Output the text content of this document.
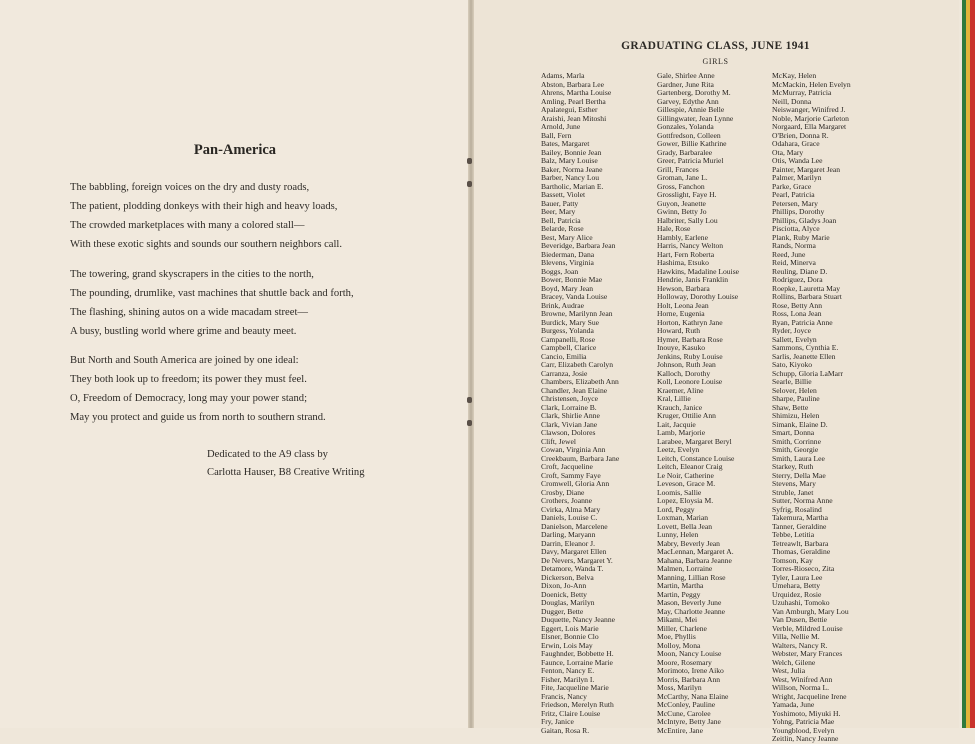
Pan-America

The babbling, foreign voices on the dry and dusty roads,

The patient, plodding donkeys with their high and heavy loads,

The crowded marketplaces with many a colored stall—

With these exotic sights and sounds our southern neighbors call.

The towering, grand skyscrapers in the cities to the north,

The pounding, drumlike, vast machines that shuttle back and forth,

The flashing, shining autos on a wide macadam street—

A busy, bustling world where grime and beauty meet.

But North and South America are joined by one ideal:

They both look up to freedom; its power they must feel.

O, Freedom of Democracy, long may your power stand;

May you protect and guide us from north to southern strand.

Dedicated to the A9 class by

Carlotta Hauser, B8 Creative Writing

GRADUATING CLASS, JUNE 1941
GIRLS
Adams, Marla
Abston, Barbara Lee
Ahrens, Martha Louise
Amling, Pearl Bertha
Apalategui, Esther
Araishi, Jean Mitoshi
Arnold, June
Ball, Fern
Bates, Margaret
Bailey, Bonnie Jean
Balz, Mary Louise
Baker, Norma Jeane
Barber, Nancy Lou
Bartholic, Marian E.
Bassett, Violet
Bauer, Patty
Beer, Mary
Bell, Patricia
Belarde, Rose
Best, Mary Alice
Beveridge, Barbara Jean
Biederman, Dana
Blevens, Virginia
Boggs, Joan
Bower, Bonnie Mae
Boyd, Mary Jean
Bracey, Vanda Louise
Brink, Audrae
Browne, Marilynn Jean
Burdick, Mary Sue
Burgess, Yolanda
Campanelli, Rose
Campbell, Clarice
Cancio, Emilia
Carr, Elizabeth Carolyn
Carranza, Josie
Chambers, Elizabeth Ann
Chandler, Jean Elaine
Christensen, Joyce
Clark, Lorraine B.
Clark, Shirlie Anne
Clark, Vivian Jane
Clawson, Dolores
Clift, Jewel
Cowan, Virginia Ann
Creekbaum, Barbara Jane
Croft, Jacqueline
Croft, Sammy Faye
Cromwell, Gloria Ann
Crosby, Diane
Crothers, Joanne
Cvirka, Alma Mary
Daniels, Louise C.
Danielson, Marcelene
Darling, Maryann
Darrin, Eleanor J.
Davy, Margaret Ellen
De Nevers, Margaret Y.
Detamore, Wanda T.
Dickerson, Belva
Dixon, Jo-Ann
Doenick, Betty
Douglas, Marilyn
Dugger, Bette
Duquette, Nancy Jeanne
Eggert, Lois Marie
Elsner, Bonnie Clo
Erwin, Lois May
Faughnder, Bobbette H.
Faunce, Lorraine Marie
Fenton, Nancy E.
Fisher, Marilyn I.
Fite, Jacqueline Marie
Francis, Nancy
Friedson, Merelyn Ruth
Fritz, Claire Louise
Fry, Janice
Gaitan, Rosa R.
Gale, Shirlee Anne
Gardner, June Rita
Gartenberg, Dorothy M.
Garvey, Edythe Ann
Gillespie, Annie Belle
Gillingwater, Jean Lynne
Gonzales, Yolanda
Gottfredson, Colleen
Gower, Billie Kathrine
Grady, Barbaralee
Greer, Patricia Muriel
Grill, Frances
Groman, Jane L.
Gross, Fanchon
Grosslight, Faye H.
Guyon, Jeanette
Gwinn, Betty Jo
Halbriter, Sally Lou
Hale, Rose
Hambly, Earlene
Harris, Nancy Welton
Hart, Fern Roberta
Hashima, Etsuko
Hawkins, Madaline Louise
Hendrie, Janis Franklin
Hewson, Barbara
Holloway, Dorothy Louise
Holt, Leona Jean
Horne, Eugenia
Horton, Kathryn Jane
Howard, Ruth
Hymer, Barbara Rose
Inouye, Kasuko
Jenkins, Ruby Louise
Johnson, Ruth Jean
Kalloch, Dorothy
Koll, Leonore Louise
Kraemer, Aline
Kral, Lillie
Krauch, Janice
Kruger, Ottilie Ann
Lait, Jacquie
Lamb, Marjorie
Larabee, Margaret Beryl
Leetz, Evelyn
Leitch, Constance Louise
Leitch, Eleanor Craig
Le Noir, Catherine
Leveson, Grace M.
Loomis, Sallie
Lopez, Eloysia M.
Lord, Peggy
Loxman, Marian
Lovett, Bella Jean
Lunny, Helen
Mabry, Beverly Jean
MacLennan, Margaret A.
Mahana, Barbara Jeanne
Malmen, Lorraine
Manning, Lillian Rose
Martin, Martha
Martin, Peggy
Mason, Beverly June
May, Charlotte Jeanne
Mikami, Mei
Miller, Charlene
Moe, Phyllis
Molloy, Mona
Moon, Nancy Louise
Moore, Rosemary
Morimoto, Irene Aiko
Morris, Barbara Ann
Moss, Marilyn
McCarthy, Nana Elaine
McConley, Pauline
McCune, Carolee
McIntyre, Betty Jane
McEntire, Jane
McKay, Helen
McMackin, Helen Evelyn
McMurray, Patricia
Neill, Donna
Neiswanger, Winifred J.
Noble, Marjorie Carleton
Norgaard, Ella Margaret
O'Brien, Donna R.
Odahara, Grace
Ota, Mary
Otis, Wanda Lee
Painter, Margaret Jean
Palmer, Marilyn
Parke, Grace
Pearl, Patricia
Petersen, Mary
Phillips, Dorothy
Phillips, Gladys Joan
Pisciotta, Alyce
Plank, Ruby Marie
Rands, Norma
Reed, June
Reid, Minerva
Reuling, Diane D.
Rodriguez, Dora
Roepke, Lauretta May
Rollins, Barbara Stuart
Rose, Betty Ann
Ross, Lona Jean
Ryan, Patricia Anne
Ryder, Joyce
Sallett, Evelyn
Sammons, Cynthia E.
Sarlis, Jeanette Ellen
Sato, Kiyoko
Schupp, Gloria LaMarr
Searle, Billie
Selover, Helen
Sharpe, Pauline
Shaw, Bette
Shimizu, Helen
Simank, Elaine D.
Smart, Donna
Smith, Corrinne
Smith, Georgie
Smith, Laura Lee
Starkey, Ruth
Sterry, Della Mae
Stevens, Mary
Struble, Janet
Sutter, Norma Anne
Syfrig, Rosalind
Takemura, Martha
Tanner, Geraldine
Tebbe, Letitia
Tetreawlt, Barbara
Thomas, Geraldine
Tomson, Kay
Torres-Rioseco, Zita
Tyler, Laura Lee
Umehara, Betty
Urquidez, Rosie
Uzuhashi, Tomoko
Van Amburgh, Mary Lou
Van Dusen, Bettie
Verble, Mildred Louise
Villa, Nellie M.
Walters, Nancy R.
Webster, Mary Frances
Welch, Gilene
West, Julia
West, Winifred Ann
Willson, Norma L.
Wright, Jacqueline Irene
Yamada, June
Yoshimoto, Miyuki H.
Yohng, Patricia Mae
Youngblood, Evelyn
Zeitlin, Nancy Jeanne
